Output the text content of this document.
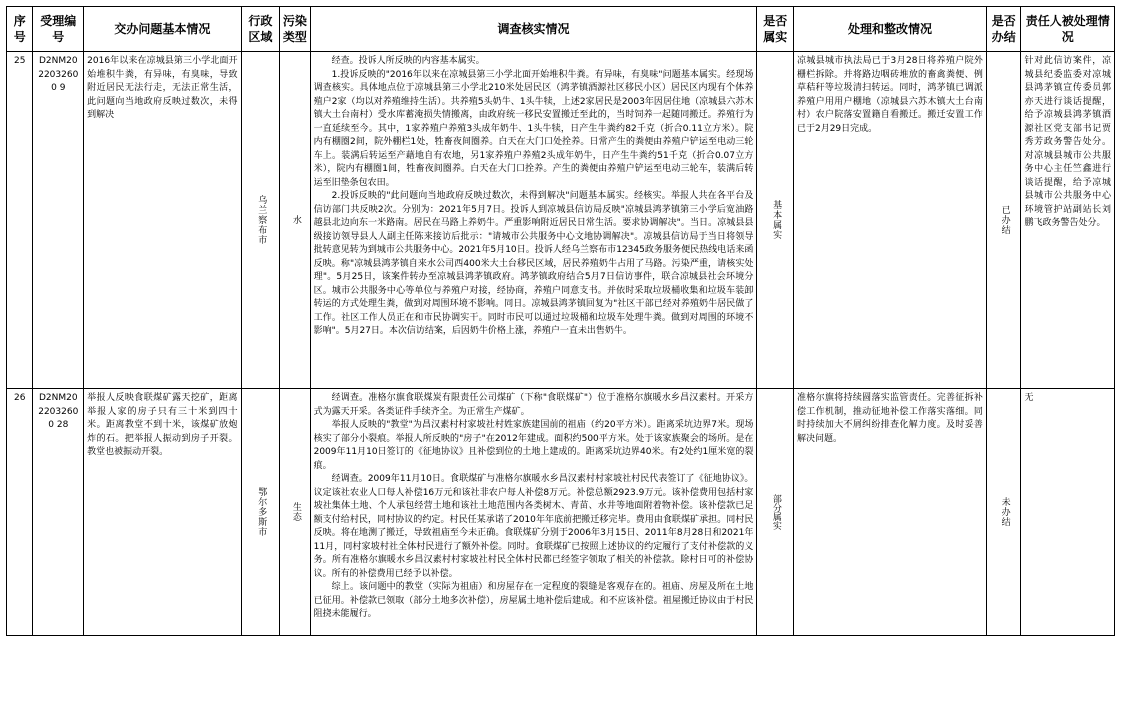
序号	受理编号	交办问题基本情况	行政区域	污染类型	调查核实情况	是否属实	处理和整改情况	是否办结	责任人被处理情况
25	D2NM2022032600 9	2016年以来在凉城县第三小学北面开始堆积牛粪，有异味，有臭味，导致附近居民无法行走，无法正常生活，此问题向当地政府反映过数次，未得到解决	乌兰察布市	水	经查。投诉人所反映的内容基本属实。

1.投诉反映的"2016年以来在凉城县第三小学北面开始堆积牛粪。有异味，有臭味"问题基本属实。经现场调查核实。具体地点位于凉城县第三小学北210米处居民区（鸿茅镇酒源社区移民小区）居民区内现有个体养殖户2家（均以对养殖维持生活）。共养殖5头奶牛、1头牛犊，上述2家居民是2003年因居住地（凉城县六苏木镇大土台南村）受水库蓄淹损失情搬离，由政府统一移民安置搬迁至此的，当时饲养一起随同搬迁。养殖行为一直延续至今。其中，1家养殖户养殖3头成年奶牛、1头牛犊，日产生牛粪约82千克（折合0.11立方米）。院内有棚圈2间，院外棚栏1处，牲畜夜间圈养。白天在大门口处拴养。日常产生的粪便由养殖户铲运至电动三轮车上。装满后转运至产藉地自有农地，另1家养殖户养殖2头成年奶牛，日产生牛粪约51千克（折合0.07立方米），院内有棚圈1间，牲畜夜间圈养。白天在大门口拴养。产生的粪便由养殖户铲运至电动三轮车，装满后转运至旧垫条包农田。

2.投诉反映的"此问题向当地政府反映过数次，未得到解决"问题基本属实。经核实。举报人共在各平台及信访部门共反映2次。分别为：2021年5月7日。投诉人到凉城县信访局反映"凉城县鸿茅镇第三小学后宽油路越县北边向东一米路南。居民在马路上养奶牛。严重影响附近居民日常生活。要求协调解决"。当日。凉城县县级接访领导县人人副主任陈来接访后批示："请城市公共服务中心文地协调解决"。凉城县信访局于当日将领导批转意见转为到城市公共服务中心。2021年5月10日。投诉人经乌兰察布市12345政务服务便民热线电话来函反映。称"凉城县鸿茅镇自来水公司西400米大土台移民区域，居民养殖奶牛占用了马路。污染严重，请核实处理"。5月25日，该案件转办至凉城县鸿茅镇政府。鸿茅镇政府结合5月7日信访事件，联合凉城县社会环境分区。城市公共服务中心等单位与养殖户对接，经协商，养殖户同意支书。并依时采取垃圾桶收集和垃圾车装卸转运的方式处理生粪，做到对周围环境不影响。同日。凉城县鸿茅镇回复为"社区干部已经对养殖奶牛居民做了工作。社区工作人员正在和市民协调实干。同时市民可以通过垃圾桶和垃圾车处理牛粪。做到对周围的环境不影响"。5月27日。本次信访结案，后因奶牛价格上涨，养殖户一直未出售奶牛。	基本属实	凉城县城市执法局已于3月28日将养殖户院外栅栏拆除。并将路边咽砖堆放的畜禽粪便、例草秸秆等垃圾清扫转运。同时，鸿茅镇已调派养殖户用用户棚地（凉城县六苏木镇大土台南村）农户院落安置籍自看搬迁。搬迁安置工作已于2月29日完成。	已办结	针对此信访案件，凉城县纪委监委对凉城县鸿茅镇宣传委员郭亦天进行谈话提醒，给予凉城县鸿茅镇酒源社区党支部书记贾秀芳政务警告处分。对凉城县城市公共服务中心主任竺鑫进行谈话提醒，给予凉城县城市公共服务中心环境管护站副站长刘鹏飞政务警告处分。
26	D2NM2022032600 28	举报人反映食联煤矿露天挖矿，距离举报人家的房子只有三十米到四十米。距离教堂不到十米，该煤矿放炮炸的石。把举报人振动到房子开裂。教堂也被振动开裂。	鄂尔多斯市	生态	经调查。准格尔旗食联煤炭有限责任公司煤矿（下称"食联煤矿"）位于准格尔旗暖水乡昌汉素村。开采方式为露天开采。各类证件手续齐全。为正常生产煤矿。

举报人反映的"教堂"为昌汉素村村家坡社村姓家族建国前的祖庙（约20平方米）。距离采坑边界7米。现场核实了部分小裂痕。举报人所反映的"房子"在2012年建成。面积约500平方米。处于该家族聚会的场所。是在2009年11月10日签订的《征地协议》且补偿到位的土地上建成的。距离采坑边界40米。有2处约1厘米宽的裂痕。

经调查。2009年11月10日。食联煤矿与准格尔旗暖水乡昌汉素村村家坡社村民代表签订了《征地协议》。议定该社农业人口每人补偿16万元和该社非农户每人补偿8万元。补偿总额2923.9万元。该补偿费用包括村家坡社集体土地、个人承包经营土地和该社土地范围内各类树木、青苗、水井等地面附着物补偿。该补偿款已足额支付给村民，同村协议的约定。村民任某承诺了2010年年底前把搬迁移完毕。费用由食联煤矿承担。同村民反映。将在地测了搬迁，导致祖庙至今未正确。食联煤矿分别于2006年3月15日、2011年8月28日和2021年11月，同村家坡村社全体村民进行了额外补偿。同时。食联煤矿已按照上述协议的约定履行了支付补偿款的义务。所有准格尔旗暖水乡昌汉素村村家坡社村民全体村民都已经签字领取了相关的补偿款。除村日可的补偿协议。所有的补偿费用已经予以补偿。

综上。该问题中的教堂（实际为祖庙）和房屋存在一定程度的裂缝是客观存在的。祖庙、房屋及所在土地已征用。补偿款已领取（部分土地多次补偿），房屋属土地补偿后建成。和不应该补偿。祖屋搬迁协议由于村民阻挠未能履行。	部分属实	准格尔旗将持续圆落实监管责任。完善征拆补偿工作机制，推动征地补偿工作落实落细。同时持续加大不屑纠纷排查化解力度。及时妥善解决问题。	未办结	无
